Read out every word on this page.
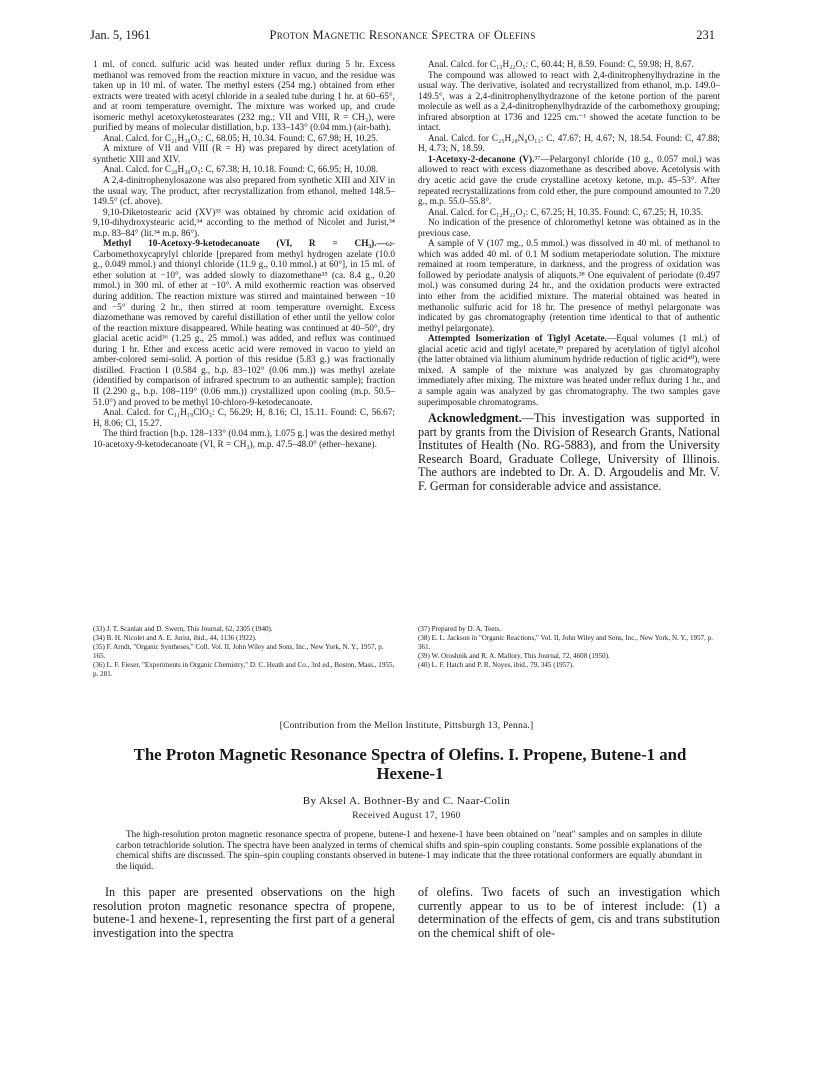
Jan. 5, 1961	Proton Magnetic Resonance Spectra of Olefins	231

1 ml. of concd. sulfuric acid was heated under reflux during 5 hr. Excess methanol was removed from the reaction mixture in vacuo, and the residue was taken up in 10 ml. of water. The methyl esters (254 mg.) obtained from ether extracts were treated with acetyl chloride in a sealed tube during 1 hr. at 60–65°, and at room temperature overnight. The mixture was worked up, and crude isomeric methyl acetoxyketostearates (232 mg.; VII and VIII, R = CH₃), were purified by means of molecular distillation, b.p. 133–143° (0.04 mm.) (air-bath).

Anal. Calcd. for C₂₁H₃₈O₅: C, 68.05; H, 10.34. Found: C, 67.98; H, 10.25.

A mixture of VII and VIII (R = H) was prepared by direct acetylation of synthetic XIII and XIV.

Anal. Calcd. for C₂₀H₃₆O₅: C, 67.38; H, 10.18. Found: C, 66.95; H, 10.08.

A 2,4-dinitrophenylosazone was also prepared from synthetic XIII and XIV in the usual way. The product, after recrystallization from ethanol, melted 148.5–149.5° (cf. above).

9,10-Diketostearic acid (XV)³³ was obtained by chromic acid oxidation of 9,10-dihydroxystearic acid,³⁴ according to the method of Nicolet and Jurist,³⁴ m.p. 83–84° (lit.³⁴ m.p. 86°).

Methyl 10-Acetoxy-9-ketodecanoate (VI, R = CH₃).—ω-Carbomethoxycaprylyl chloride [prepared from methyl hydrogen azelate (10.0 g., 0.049 mmol.) and thionyl chloride (11.9 g., 0.10 mmol.) at 60°], in 15 ml. of ether solution at −10°, was added slowly to diazomethane³⁵ (ca. 8.4 g., 0.20 mmol.) in 300 ml. of ether at −10°. A mild exothermic reaction was observed during addition. The reaction mixture was stirred and maintained between −10 and −5° during 2 hr., then stirred at room temperature overnight. Excess diazomethane was removed by careful distillation of ether until the yellow color of the reaction mixture disappeared. While heating was continued at 40–50°, dry glacial acetic acid³⁶ (1.25 g., 25 mmol.) was added, and reflux was continued during 1 hr. Ether and excess acetic acid were removed in vacuo to yield an amber-colored semi-solid. A portion of this residue (5.83 g.) was fractionally distilled. Fraction I (0.584 g., b.p. 83–102° (0.06 mm.)) was methyl azelate (identified by comparison of infrared spectrum to an authentic sample); fraction II (2.290 g., b.p. 108–119° (0.06 mm.)) crystallized upon cooling (m.p. 50.5–51.0°) and proved to be methyl 10-chloro-9-ketodecanoate.

Anal. Calcd. for C₁₁H₁₉ClO₃: C, 56.29; H, 8.16; Cl, 15.11. Found: C, 56.67; H, 8.06; Cl, 15.27.

The third fraction [b.p. 128–133° (0.04 mm.), 1.075 g.] was the desired methyl 10-acetoxy-9-ketodecanoate (VI, R = CH₃), m.p. 47.5–48.0° (ether–hexane).

Anal. Calcd. for C₁₃H₂₂O₅: C, 60.44; H, 8.59. Found: C, 59.98; H, 8.67.

The compound was allowed to react with 2,4-dinitrophenylhydrazine in the usual way. The derivative, isolated and recrystallized from ethanol, m.p. 149.0–149.5°, was a 2,4-dinitrophenylhydrazone of the ketone portion of the parent molecule as well as a 2,4-dinitrophenylhydrazide of the carbomethoxy grouping; infrared absorption at 1736 and 1225 cm.⁻¹ showed the acetate function to be intact.

Anal. Calcd. for C₂₅H₂₈N₈O₁₁: C, 47.67; H, 4.67; N, 18.54. Found: C, 47.88; H, 4.73; N, 18.59.

1-Acetoxy-2-decanone (V).³⁷—Pelargonyl chloride (10 g., 0.057 mol.) was allowed to react with excess diazomethane as described above. Acetolysis with dry acetic acid gave the crude crystalline acetoxy ketone, m.p. 45–53°. After repeated recrystallizations from cold ether, the pure compound amounted to 7.20 g., m.p. 55.0–55.8°.

Anal. Calcd. for C₁₂H₂₂O₃: C, 67.25; H, 10.35. Found: C, 67.25; H, 10.35.

No indication of the presence of chloromethyl ketone was obtained as in the previous case.

A sample of V (107 mg., 0.5 mmol.) was dissolved in 40 ml. of methanol to which was added 40 ml. of 0.1 M sodium metaperiodate solution. The mixture remained at room temperature, in darkness, and the progress of oxidation was followed by periodate analysis of aliquots.³⁸ One equivalent of periodate (0.497 mol.) was consumed during 24 hr., and the oxidation products were extracted into ether from the acidified mixture. The material obtained was heated in methanolic sulfuric acid for 18 hr. The presence of methyl pelargonate was indicated by gas chromatography (retention time identical to that of authentic methyl pelargonate).

Attempted Isomerization of Tiglyl Acetate.—Equal volumes (1 ml.) of glacial acetic acid and tiglyl acetate,³⁹ prepared by acetylation of tiglyl alcohol (the latter obtained via lithium aluminum hydride reduction of tiglic acid⁴⁰), were mixed. A sample of the mixture was analyzed by gas chromatography immediately after mixing. The mixture was heated under reflux during 1 hr., and a sample again was analyzed by gas chromatography. The two samples gave superimposable chromatograms.

Acknowledgment.—This investigation was supported in part by grants from the Division of Research Grants, National Institutes of Health (No. RG-5883), and from the University Research Board, Graduate College, University of Illinois. The authors are indebted to Dr. A. D. Argoudelis and Mr. V. F. German for considerable advice and assistance.

(33) J. T. Scanlan and D. Swern, This Journal, 62, 2305 (1940).
(34) B. H. Nicolet and A. E. Jurist, ibid., 44, 1136 (1922).
(35) F. Arndt, "Organic Syntheses," Coll. Vol. II, John Wiley and Sons, Inc., New York, N. Y., 1957, p. 165.
(36) L. F. Fieser, "Experiments in Organic Chemistry," D. C. Heath and Co., 3rd ed., Boston, Mass., 1955, p. 281.
(37) Prepared by D. A. Teets.
(38) E. L. Jackson in "Organic Reactions," Vol. II, John Wiley and Sons, Inc., New York, N. Y., 1957, p. 361.
(39) W. Oroshnik and R. A. Mallory, This Journal, 72, 4608 (1950).
(40) L. F. Hatch and P. R. Noyes, ibid., 79, 345 (1957).
[Contribution from the Mellon Institute, Pittsburgh 13, Penna.]
The Proton Magnetic Resonance Spectra of Olefins. I. Propene, Butene-1 and Hexene-1
By Aksel A. Bothner-By and C. Naar-Colin
Received August 17, 1960
The high-resolution proton magnetic resonance spectra of propene, butene-1 and hexene-1 have been obtained on "neat" samples and on samples in dilute carbon tetrachloride solution. The spectra have been analyzed in terms of chemical shifts and spin–spin coupling constants. Some possible explanations of the chemical shifts are discussed. The spin–spin coupling constants observed in butene-1 may indicate that the three rotational conformers are equally abundant in the liquid.
In this paper are presented observations on the high resolution proton magnetic resonance spectra of propene, butene-1 and hexene-1, representing the first part of a general investigation into the spectra
of olefins. Two facets of such an investigation which currently appear to us to be of interest include: (1) a determination of the effects of gem, cis and trans substitution on the chemical shift of ole-
